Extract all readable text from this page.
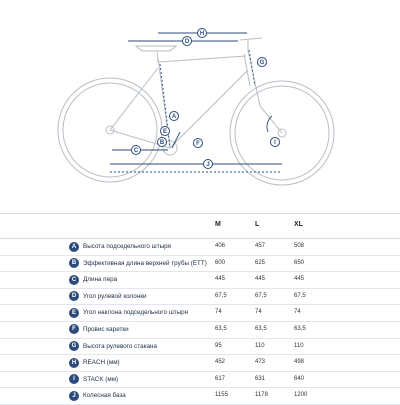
H
D
G
A
E
F
B
C
J
I
M	L	XL
A	Высота подседельного штыря	406	457	508
B	Эффективная длина верхней трубы (ETT) 600	625	650
C	Длина пера	445	445	445
D	Угол рулевой колонки	67,5	67,5	67,5
E	Угол наклона подседельного штыря	74	74	74
F	Провис каретки	63,5	63,5	63,5
G	Высота рулевого стакана	95	110	110
H	REACH (мм)	452	473	498
I	STACK (мм)	617	631	640
J	Колесная база	1155	1178	1200
